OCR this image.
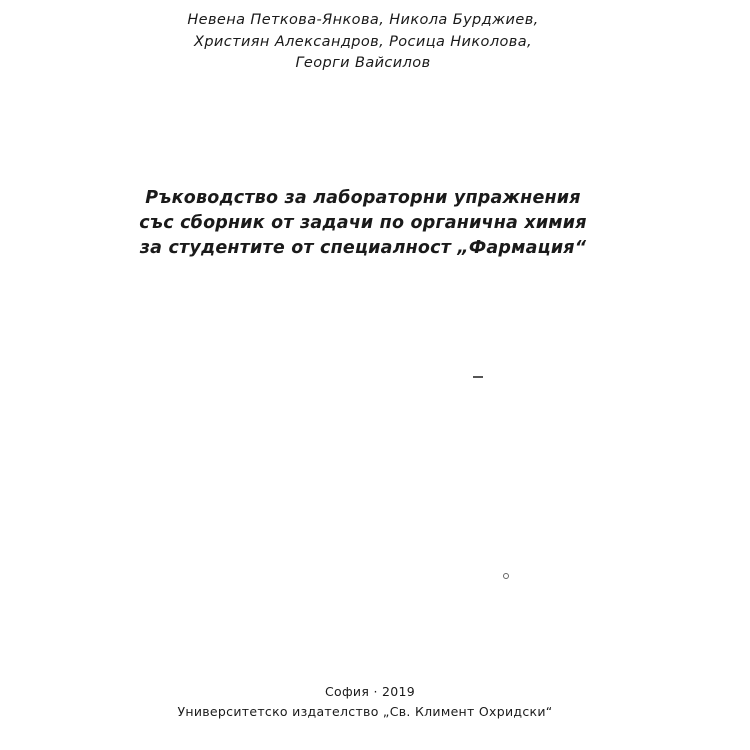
Невена Петкова-Янкова, Никола Бурджиев,
Християн Александров, Росица Николова,
Георги Вайсилов
Ръководство за лабораторни упражнения
със сборник от задачи по органична химия
за студентите от специалност „Фармация“
София · 2019
Университетско издателство „Св. Климент Охридски“
